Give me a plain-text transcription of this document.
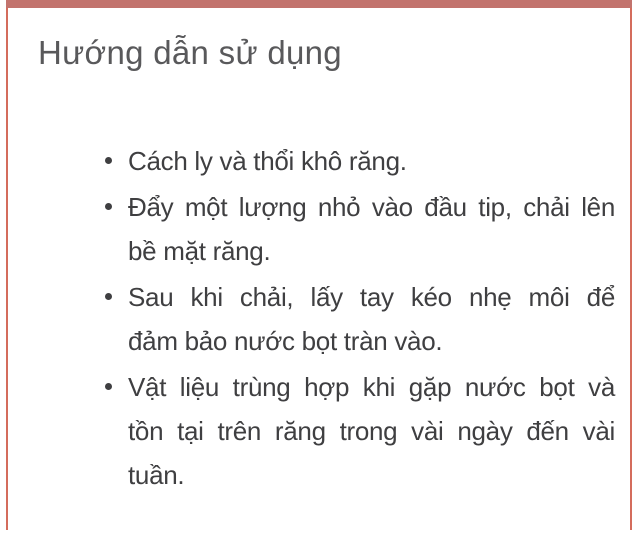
Hướng dẫn sử dụng
Cách ly và thổi khô răng.
Đẩy một lượng nhỏ vào đầu tip, chải lên
bề mặt răng.
Sau khi chải, lấy tay kéo nhẹ môi để
đảm bảo nước bọt tràn vào.
Vật liệu trùng hợp khi gặp nước bọt và
tồn tại trên răng trong vài ngày đến vài
tuần.
